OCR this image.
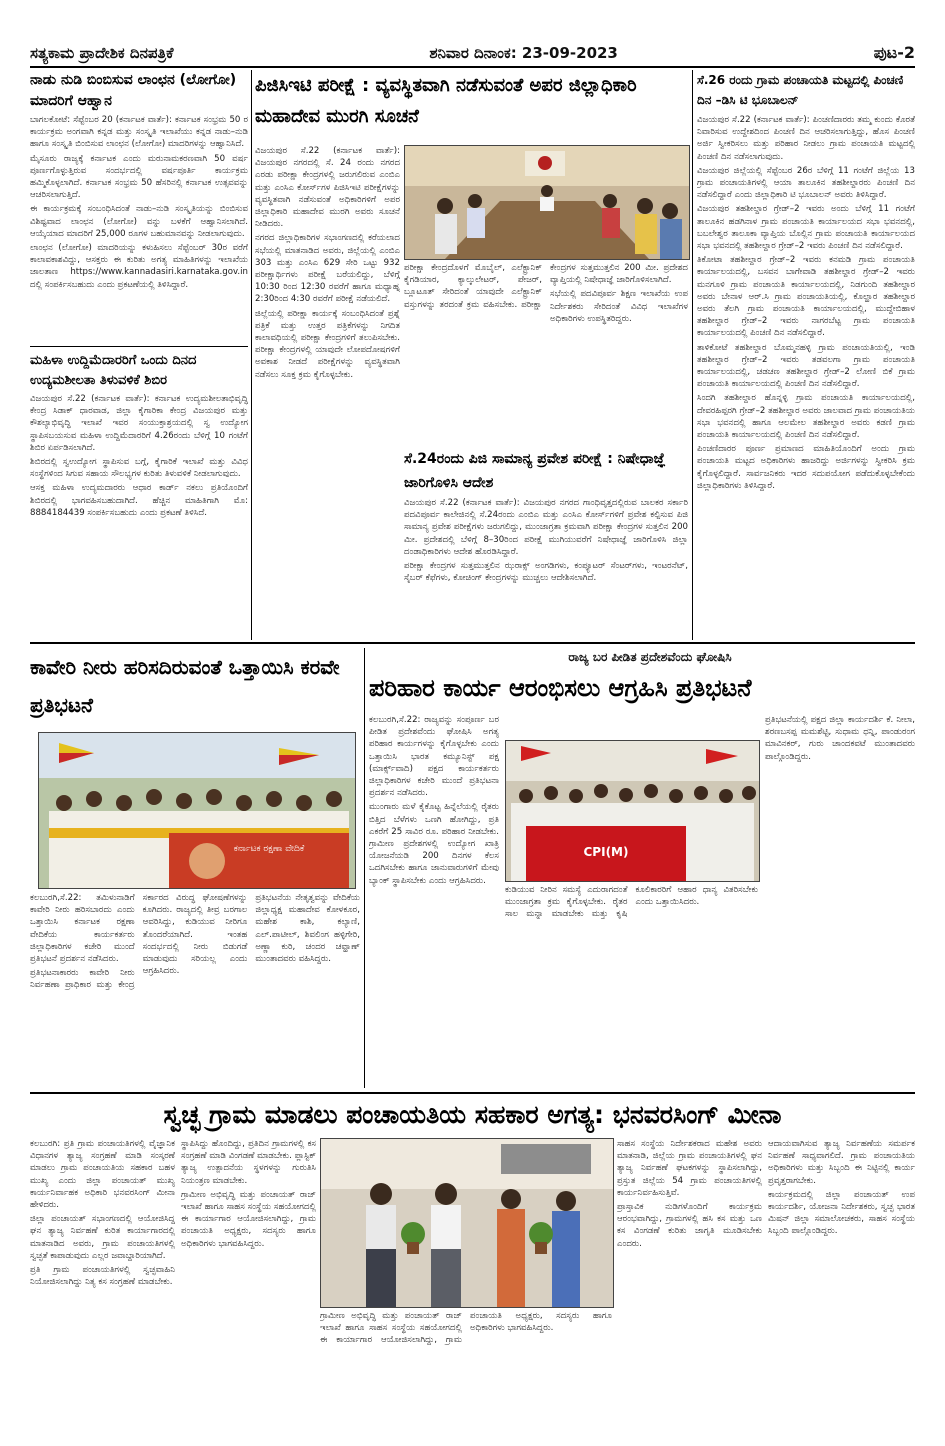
ಸತ್ಯಕಾಮ ಪ್ರಾದೇಶಿಕ ದಿನಪತ್ರಿಕೆ	ಶನಿವಾರ ದಿನಾಂಕ: 23-09-2023	ಪುಟ-2
ನಾಡು ನುಡಿ ಬಿಂಬಿಸುವ ಲಾಂಛನ (ಲೋಗೋ) ಮಾದರಿಗೆ ಆಹ್ವಾನ

ಬಾಗಲಕೋಟೆ: ಸೆಪ್ಟೆಂಬರ 20 (ಕರ್ನಾಟಕ ವಾರ್ತೆ): ಕರ್ನಾಟಕ ಸಂಭ್ರಮ 50 ರ ಕಾರ್ಯಕ್ರಮ ಅಂಗವಾಗಿ ಕನ್ನಡ ಮತ್ತು ಸಂಸ್ಕೃತಿ ಇಲಾಖೆಯು ಕನ್ನಡ ನಾಡು–ನುಡಿ ಹಾಗೂ ಸಂಸ್ಕೃತಿ ಬಿಂಬಿಸುವ ಲಾಂಛನ (ಲೋಗೋ) ಮಾದರಿಗಳನ್ನು ಆಹ್ವಾನಿಸಿದೆ.

ಮೈಸೂರು ರಾಜ್ಯಕ್ಕೆ ಕರ್ನಾಟಕ ಎಂದು ಮರುನಾಮಕರಣವಾಗಿ 50 ವರ್ಷ ಪೂರ್ಣಗೊಳ್ಳುತ್ತಿರುವ ಸಂದರ್ಭದಲ್ಲಿ ವರ್ಷಪೂರ್ತಿ ಕಾರ್ಯಕ್ರಮ ಹಮ್ಮಿಕೊಳ್ಳಲಾಗಿದೆ. ಕರ್ನಾಟಕ ಸಂಭ್ರಮ 50 ಹೆಸರಿನಲ್ಲಿ ಕರ್ನಾಟಕ ಉತ್ಸವವನ್ನು ಆಚರಿಸಲಾಗುತ್ತಿದೆ.

ಈ ಕಾರ್ಯಕ್ರಮಕ್ಕೆ ಸಂಬಂಧಿಸಿದಂತೆ ನಾಡು–ನುಡಿ ಸಂಸ್ಕೃತಿಯನ್ನು ಬಿಂಬಿಸುವ ವಿಶಿಷ್ಟವಾದ ಲಾಂಛನ (ಲೋಗೋ) ವನ್ನು ಬಳಕೆಗೆ ಆಹ್ವಾನಿಸಲಾಗಿದೆ. ಆಯ್ಕೆಯಾದ ಮಾದರಿಗೆ 25,000 ರೂಗಳ ಬಹುಮಾನವನ್ನು ನೀಡಲಾಗುವುದು.

ಲಾಂಛನ (ಲೋಗೋ) ಮಾದರಿಯನ್ನು ಕಳುಹಿಸಲು ಸೆಪ್ಟೆಂಬರ್ 30ರ ವರೆಗೆ ಕಾಲಾವಕಾಶವಿದ್ದು, ಆಸಕ್ತರು ಈ ಕುರಿತು ಅಗತ್ಯ ಮಾಹಿತಿಗಳನ್ನು ಇಲಾಖೆಯ ಜಾಲತಾಣ https://www.kannadasiri.karnataka.gov.in ದಲ್ಲಿ ಸಂಪರ್ಕಿಸಬಹುದು ಎಂದು ಪ್ರಕಟಣೆಯಲ್ಲಿ ತಿಳಿಸಿದ್ದಾರೆ.

ಮಹಿಳಾ ಉದ್ದಿಮೆದಾರರಿಗೆ ಒಂದು ದಿನದ ಉದ್ಯಮಶೀಲತಾ ತಿಳುವಳಿಕೆ ಶಿಬಿರ

ವಿಜಯಪುರ ಸೆ.22 (ಕರ್ನಾಟಕ ವಾರ್ತೆ): ಕರ್ನಾಟಕ ಉದ್ಯಮಶೀಲತಾಭಿವೃದ್ಧಿ ಕೇಂದ್ರ ಸಿಡಾಕ್ ಧಾರವಾಡ, ಜಿಲ್ಲಾ ಕೈಗಾರಿಕಾ ಕೇಂದ್ರ ವಿಜಯಪುರ ಮತ್ತು ಕೌಶಲ್ಯಾಭಿವೃದ್ಧಿ ಇಲಾಖೆ ಇವರ ಸಂಯುಕ್ತಾಶ್ರಯದಲ್ಲಿ ಸ್ವ ಉದ್ಯೋಗ ಸ್ಥಾಪಿಸಬಯಸುವ ಮಹಿಳಾ ಉದ್ದಿಮೆದಾರರಿಗೆ 4.26ರಂದು ಬೆಳಿಗ್ಗೆ 10 ಗಂಟೆಗೆ ಶಿಬಿರ ಏರ್ಪಡಿಸಲಾಗಿದೆ.

ಶಿಬಿರದಲ್ಲಿ ಸ್ವಉದ್ಯೋಗ ಸ್ಥಾಪಿಸುವ ಬಗ್ಗೆ, ಕೈಗಾರಿಕೆ ಇಲಾಖೆ ಮತ್ತು ವಿವಿಧ ಸಂಸ್ಥೆಗಳಿಂದ ಸಿಗುವ ಸಹಾಯ ಸೌಲಭ್ಯಗಳ ಕುರಿತು ತಿಳುವಳಿಕೆ ನೀಡಲಾಗುವುದು.

ಆಸಕ್ತ ಮಹಿಳಾ ಉದ್ಯಮದಾರರು ಆಧಾರ ಕಾರ್ಡ್ ನಕಲು ಪ್ರತಿಯೊಂದಿಗೆ ಶಿಬಿರದಲ್ಲಿ ಭಾಗವಹಿಸಬಹುದಾಗಿದೆ. ಹೆಚ್ಚಿನ ಮಾಹಿತಿಗಾಗಿ ಮೊ: 8884184439 ಸಂಪರ್ಕಿಸಬಹುದು ಎಂದು ಪ್ರಕಟಣೆ ತಿಳಿಸಿದೆ.

ಪಿಜಿಸಿಇಟಿ ಪರೀಕ್ಷೆ : ವ್ಯವಸ್ಥಿತವಾಗಿ ನಡೆಸುವಂತೆ ಅಪರ ಜಿಲ್ಲಾಧಿಕಾರಿ ಮಹಾದೇವ ಮುರಗಿ ಸೂಚನೆ

ವಿಜಯಪುರ ಸೆ.22 (ಕರ್ನಾಟಕ ವಾರ್ತೆ): ವಿಜಯಪುರ ನಗರದಲ್ಲಿ ಸೆ. 24 ರಂದು ನಗರದ ಎರಡು ಪರೀಕ್ಷಾ ಕೇಂದ್ರಗಳಲ್ಲಿ ಜರುಗಲಿರುವ ಎಂಬಿಎ ಮತ್ತು ಎಂಸಿಎ ಕೋರ್ಸ್‌ಗಳ ಪಿಜಿಸಿಇಟಿ ಪರೀಕ್ಷೆಗಳನ್ನು ವ್ಯವಸ್ಥಿತವಾಗಿ ನಡೆಸುವಂತೆ ಅಧಿಕಾರಿಗಳಿಗೆ ಅಪರ ಜಿಲ್ಲಾಧಿಕಾರಿ ಮಹಾದೇವ ಮುರಗಿ ಅವರು ಸೂಚನೆ ನೀಡಿದರು.

ನಗರದ ಜಿಲ್ಲಾಧಿಕಾರಿಗಳ ಸಭಾಂಗಣದಲ್ಲಿ ಕರೆಯಲಾದ ಸಭೆಯಲ್ಲಿ ಮಾತನಾಡಿದ ಅವರು, ಜಿಲ್ಲೆಯಲ್ಲಿ ಎಂಬಿಎ 303 ಮತ್ತು ಎಂಸಿಎ 629 ಸೇರಿ ಒಟ್ಟು 932 ಪರೀಕ್ಷಾರ್ಥಿಗಳು ಪರೀಕ್ಷೆ ಬರೆಯಲಿದ್ದು, ಬೆಳಿಗ್ಗೆ 10:30 ರಿಂದ 12:30 ರವರೆಗೆ ಹಾಗೂ ಮಧ್ಯಾಹ್ನ 2:30ರಿಂದ 4:30 ರವರೆಗೆ ಪರೀಕ್ಷೆ ನಡೆಯಲಿದೆ.

ಜಿಲ್ಲೆಯಲ್ಲಿ ಪರೀಕ್ಷಾ ಕಾರ್ಯಕ್ಕೆ ಸಂಬಂಧಿಸಿದಂತೆ ಪ್ರಶ್ನೆ ಪತ್ರಿಕೆ ಮತ್ತು ಉತ್ತರ ಪತ್ರಿಕೆಗಳನ್ನು ನಿಗದಿತ ಕಾಲಾವಧಿಯಲ್ಲಿ ಪರೀಕ್ಷಾ ಕೇಂದ್ರಗಳಿಗೆ ತಲುಪಿಸಬೇಕು. ಪರೀಕ್ಷಾ ಕೇಂದ್ರಗಳಲ್ಲಿ ಯಾವುದೇ ಲೋಪದೋಷಗಳಿಗೆ ಅವಕಾಶ ನೀಡದೆ ಪರೀಕ್ಷೆಗಳನ್ನು ವ್ಯವಸ್ಥಿತವಾಗಿ ನಡೆಸಲು ಸೂಕ್ತ ಕ್ರಮ ಕೈಗೊಳ್ಳಬೇಕು.

ಪರೀಕ್ಷಾ ಕೇಂದ್ರದೊಳಗೆ ಮೊಬೈಲ್, ಎಲೆಕ್ಟ್ರಾನಿಕ್ ಕೈಗಡಿಯಾರ, ಕ್ಯಾಲ್ಕುಲೇಟರ್, ಪೇಜರ್, ಬ್ಲೂಟೂತ್ ಸೇರಿದಂತೆ ಯಾವುದೇ ಎಲೆಕ್ಟ್ರಾನಿಕ್ ವಸ್ತುಗಳನ್ನು ತರದಂತೆ ಕ್ರಮ ವಹಿಸಬೇಕು. ಪರೀಕ್ಷಾ ಕೇಂದ್ರಗಳ ಸುತ್ತಮುತ್ತಲಿನ 200 ಮೀ. ಪ್ರದೇಶದ ವ್ಯಾಪ್ತಿಯಲ್ಲಿ ನಿಷೇಧಾಜ್ಞೆ ಜಾರಿಗೊಳಿಸಲಾಗಿದೆ.

ಸಭೆಯಲ್ಲಿ ಪದವಿಪೂರ್ವ ಶಿಕ್ಷಣ ಇಲಾಖೆಯ ಉಪ ನಿರ್ದೇಶಕರು ಸೇರಿದಂತೆ ವಿವಿಧ ಇಲಾಖೆಗಳ ಅಧಿಕಾರಿಗಳು ಉಪಸ್ಥಿತರಿದ್ದರು.

ಸೆ.24ರಂದು ಪಿಜಿ ಸಾಮಾನ್ಯ ಪ್ರವೇಶ ಪರೀಕ್ಷೆ : ನಿಷೇಧಾಜ್ಞೆ ಜಾರಿಗೊಳಿಸಿ ಆದೇಶ

ವಿಜಯಪುರ ಸೆ.22 (ಕರ್ನಾಟಕ ವಾರ್ತೆ): ವಿಜಯಪುರ ನಗರದ ಗಾಂಧಿವೃತ್ತದಲ್ಲಿರುವ ಬಾಲಕರ ಸರ್ಕಾರಿ ಪದವಿಪೂರ್ವ ಕಾಲೇಜಿನಲ್ಲಿ ಸೆ.24ರಂದು ಎಂಬಿಎ ಮತ್ತು ಎಂಸಿಎ ಕೋರ್ಸ್‌ಗಳಿಗೆ ಪ್ರವೇಶ ಕಲ್ಪಿಸುವ ಪಿಜಿ ಸಾಮಾನ್ಯ ಪ್ರವೇಶ ಪರೀಕ್ಷೆಗಳು ಜರುಗಲಿದ್ದು, ಮುಂಜಾಗ್ರತಾ ಕ್ರಮವಾಗಿ ಪರೀಕ್ಷಾ ಕೇಂದ್ರಗಳ ಸುತ್ತಲಿನ 200 ಮೀ. ಪ್ರದೇಶದಲ್ಲಿ ಬೆಳಿಗ್ಗೆ 8–30ರಿಂದ ಪರೀಕ್ಷೆ ಮುಗಿಯುವರೆಗೆ ನಿಷೇಧಾಜ್ಞೆ ಜಾರಿಗೊಳಿಸಿ ಜಿಲ್ಲಾ ದಂಡಾಧಿಕಾರಿಗಳು ಆದೇಶ ಹೊರಡಿಸಿದ್ದಾರೆ.

ಪರೀಕ್ಷಾ ಕೇಂದ್ರಗಳ ಸುತ್ತಮುತ್ತಲಿನ ಝರಾಕ್ಸ್ ಅಂಗಡಿಗಳು, ಕಂಪ್ಯೂಟರ್ ಸೆಂಟರ್‌ಗಳು, ಇಂಟರನೆಟ್, ಸೈಬರ್ ಕೆಫೆಗಳು, ಕೋಚಿಂಗ್ ಕೇಂದ್ರಗಳನ್ನು ಮುಚ್ಚಲು ಆದೇಶಿಸಲಾಗಿದೆ.

ಸೆ.26 ರಂದು ಗ್ರಾಮ ಪಂಚಾಯತಿ ಮಟ್ಟದಲ್ಲಿ ಪಿಂಚಣಿ ದಿನ –ಡಿಸಿ ಟಿ ಭೂಬಾಲನ್

ವಿಜಯಪುರ ಸೆ.22 (ಕರ್ನಾಟಕ ವಾರ್ತೆ): ಪಿಂಚಣಿದಾರರು ತಮ್ಮ ಕುಂದು ಕೊರತೆ ನಿವಾರಿಸುವ ಉದ್ದೇಶದಿಂದ ಪಿಂಚಣಿ ದಿನ ಆಚರಿಸಲಾಗುತ್ತಿದ್ದು, ಹೊಸ ಪಿಂಚಣಿ ಅರ್ಜಿ ಸ್ವೀಕರಿಸಲು ಮತ್ತು ಪರಿಹಾರ ನೀಡಲು ಗ್ರಾಮ ಪಂಚಾಯತಿ ಮಟ್ಟದಲ್ಲಿ ಪಿಂಚಣಿ ದಿನ ನಡೆಸಲಾಗುವುದು.

ವಿಜಯಪುರ ಜಿಲ್ಲೆಯಲ್ಲಿ ಸೆಪ್ಟೆಂಬರ 26ರ ಬೆಳಿಗ್ಗೆ 11 ಗಂಟೆಗೆ ಜಿಲ್ಲೆಯ 13 ಗ್ರಾಮ ಪಂಚಾಯತಿಗಳಲ್ಲಿ ಆಯಾ ತಾಲೂಕಿನ ತಹಶೀಲ್ದಾರರು ಪಿಂಚಣಿ ದಿನ ನಡೆಸಲಿದ್ದಾರೆ ಎಂದು ಜಿಲ್ಲಾಧಿಕಾರಿ ಟಿ ಭೂಬಾಲನ್ ಅವರು ತಿಳಿಸಿದ್ದಾರೆ.

ವಿಜಯಪುರ ತಹಶೀಲ್ದಾರ ಗ್ರೇಡ್–2 ಇವರು ಅಂದು ಬೆಳಿಗ್ಗೆ 11 ಗಂಟೆಗೆ ತಾಲೂಕಿನ ಹಡಗಿನಾಳ ಗ್ರಾಮ ಪಂಚಾಯತಿ ಕಾರ್ಯಾಲಯದ ಸಭಾ ಭವನದಲ್ಲಿ, ಬಬಲೇಶ್ವರ ತಾಲೂಕಾ ವ್ಯಾಪ್ತಿಯ ಬೊಲ್ಲಿನ ಗ್ರಾಮ ಪಂಚಾಯತಿ ಕಾರ್ಯಾಲಯದ ಸಭಾ ಭವನದಲ್ಲಿ ತಹಶೀಲ್ದಾರ ಗ್ರೇಡ್–2 ಇವರು ಪಿಂಚಣಿ ದಿನ ನಡೆಸಲಿದ್ದಾರೆ.

ತಿಕೋಟಾ ತಹಶೀಲ್ದಾರ ಗ್ರೇಡ್–2 ಇವರು ಕನಮಡಿ ಗ್ರಾಮ ಪಂಚಾಯತಿ ಕಾರ್ಯಾಲಯದಲ್ಲಿ, ಬಸವನ ಬಾಗೇವಾಡಿ ತಹಶೀಲ್ದಾರ ಗ್ರೇಡ್–2 ಇವರು ಮನಗೂಳಿ ಗ್ರಾಮ ಪಂಚಾಯತಿ ಕಾರ್ಯಾಲಯದಲ್ಲಿ, ನಿಡಗುಂದಿ ತಹಶೀಲ್ದಾರ ಅವರು ಬೇನಾಳ ಆರ್.ಸಿ ಗ್ರಾಮ ಪಂಚಾಯತಿಯಲ್ಲಿ, ಕೊಲ್ಹಾರ ತಹಶೀಲ್ದಾರ ಅವರು ತೆಲಗಿ ಗ್ರಾಮ ಪಂಚಾಯತಿ ಕಾರ್ಯಾಲಯದಲ್ಲಿ, ಮುದ್ದೇಬಿಹಾಳ ತಹಶೀಲ್ದಾರ ಗ್ರೇಡ್–2 ಇವರು ನಾಗರಬೆಟ್ಟ ಗ್ರಾಮ ಪಂಚಾಯತಿ ಕಾರ್ಯಾಲಯದಲ್ಲಿ ಪಿಂಚಣಿ ದಿನ ನಡೆಸಲಿದ್ದಾರೆ.

ತಾಳಿಕೋಟೆ ತಹಶೀಲ್ದಾರ ಬೊಮ್ಮನಹಳ್ಳಿ ಗ್ರಾಮ ಪಂಚಾಯತಿಯಲ್ಲಿ, ಇಂಡಿ ತಹಶೀಲ್ದಾರ ಗ್ರೇಡ್–2 ಇವರು ತಡವಲಗಾ ಗ್ರಾಮ ಪಂಚಾಯತಿ ಕಾರ್ಯಾಲಯದಲ್ಲಿ, ಚಡಚಣ ತಹಶೀಲ್ದಾರ ಗ್ರೇಡ್–2 ಲೋಣಿ ಬಿಕೆ ಗ್ರಾಮ ಪಂಚಾಯತಿ ಕಾರ್ಯಾಲಯದಲ್ಲಿ ಪಿಂಚಣಿ ದಿನ ನಡೆಸಲಿದ್ದಾರೆ.

ಸಿಂದಗಿ ತಹಶೀಲ್ದಾರ ಹೊನ್ನಳ್ಳಿ ಗ್ರಾಮ ಪಂಚಾಯತಿ ಕಾರ್ಯಾಲಯದಲ್ಲಿ, ದೇವರಹಿಪ್ಪರಗಿ ಗ್ರೇಡ್–2 ತಹಶೀಲ್ದಾರ ಅವರು ಜಾಲವಾದ ಗ್ರಾಮ ಪಂಚಾಯತಿಯ ಸಭಾ ಭವನದಲ್ಲಿ ಹಾಗೂ ಆಲಮೇಲ ತಹಶೀಲ್ದಾರ ಅವರು ಕಡಣಿ ಗ್ರಾಮ ಪಂಚಾಯತಿ ಕಾರ್ಯಾಲಯದಲ್ಲಿ ಪಿಂಚಣಿ ದಿನ ನಡೆಸಲಿದ್ದಾರೆ.

ಪಿಂಚಣಿದಾರರ ಪೂರ್ಣ ಪ್ರಮಾಣದ ಮಾಹಿತಿಯೊಂದಿಗೆ ಅಂದು ಗ್ರಾಮ ಪಂಚಾಯತಿ ಮಟ್ಟದ ಅಧಿಕಾರಿಗಳು ಹಾಜರಿದ್ದು ಅರ್ಜಿಗಳನ್ನು ಸ್ವೀಕರಿಸಿ ಕ್ರಮ ಕೈಗೊಳ್ಳಲಿದ್ದಾರೆ. ಸಾರ್ವಜನಿಕರು ಇದರ ಸದುಪಯೋಗ ಪಡೆದುಕೊಳ್ಳಬೇಕೆಂದು ಜಿಲ್ಲಾಧಿಕಾರಿಗಳು ತಿಳಿಸಿದ್ದಾರೆ.

ಕಾವೇರಿ ನೀರು ಹರಿಸದಿರುವಂತೆ ಒತ್ತಾಯಿಸಿ ಕರವೇ ಪ್ರತಿಭಟನೆ
ಕರ್ನಾಟಕ ರಕ್ಷಣಾ ವೇದಿಕೆ

ಕಲಬುರಗಿ,ಸೆ.22: ತಮಿಳುನಾಡಿಗೆ ಕಾವೇರಿ ನೀರು ಹರಿಸಬಾರದು ಎಂದು ಒತ್ತಾಯಿಸಿ ಕರ್ನಾಟಕ ರಕ್ಷಣಾ ವೇದಿಕೆಯ ಕಾರ್ಯಕರ್ತರು ಜಿಲ್ಲಾಧಿಕಾರಿಗಳ ಕಚೇರಿ ಮುಂದೆ ಪ್ರತಿಭಟನೆ ಪ್ರದರ್ಶನ ನಡೆಸಿದರು.

ಪ್ರತಿಭಟನಾಕಾರರು ಕಾವೇರಿ ನೀರು ನಿರ್ವಹಣಾ ಪ್ರಾಧಿಕಾರ ಮತ್ತು ಕೇಂದ್ರ ಸರ್ಕಾರದ ವಿರುದ್ಧ ಘೋಷಣೆಗಳನ್ನು ಕೂಗಿದರು. ರಾಜ್ಯದಲ್ಲಿ ತೀವ್ರ ಬರಗಾಲ ಆವರಿಸಿದ್ದು, ಕುಡಿಯುವ ನೀರಿಗೂ ತೊಂದರೆಯಾಗಿದೆ. ಇಂತಹ ಸಂದರ್ಭದಲ್ಲಿ ನೀರು ಬಿಡುಗಡೆ ಮಾಡುವುದು ಸರಿಯಲ್ಲ ಎಂದು ಆಗ್ರಹಿಸಿದರು.

ಪ್ರತಿಭಟನೆಯ ನೇತೃತ್ವವನ್ನು ವೇದಿಕೆಯ ಜಿಲ್ಲಾಧ್ಯಕ್ಷ ಮಹಾದೇವ ಕೋಳಕೂರ, ಮಹೇಶ ಕಾಶಿ, ಕಲ್ಯಾಣಿ, ಎಲ್.ಪಾಟೀಲ್, ಶಿವಲಿಂಗ ಹಳ್ಳಿಗೇರಿ, ಅಣ್ಣಾ ಕುರಿ, ಚಂದರ ಚವ್ಹಾಣ್ ಮುಂತಾದವರು ವಹಿಸಿದ್ದರು.

ರಾಜ್ಯ ಬರ ಪೀಡಿತ ಪ್ರದೇಶವೆಂದು ಘೋಷಿಸಿ
ಪರಿಹಾರ ಕಾರ್ಯ ಆರಂಭಿಸಲು ಆಗ್ರಹಿಸಿ ಪ್ರತಿಭಟನೆ

ಕಲಬುರಗಿ,ಸೆ.22: ರಾಜ್ಯವನ್ನು ಸಂಪೂರ್ಣ ಬರ ಪೀಡಿತ ಪ್ರದೇಶವೆಂದು ಘೋಷಿಸಿ ಅಗತ್ಯ ಪರಿಹಾರ ಕಾರ್ಯಗಳನ್ನು ಕೈಗೊಳ್ಳಬೇಕು ಎಂದು ಒತ್ತಾಯಿಸಿ ಭಾರತ ಕಮ್ಯೂನಿಸ್ಟ್ ಪಕ್ಷ (ಮಾರ್ಕ್ಸ್‌ವಾದಿ) ಪಕ್ಷದ ಕಾರ್ಯಕರ್ತರು ಜಿಲ್ಲಾಧಿಕಾರಿಗಳ ಕಚೇರಿ ಮುಂದೆ ಪ್ರತಿಭಟನಾ ಪ್ರದರ್ಶನ ನಡೆಸಿದರು.

ಮುಂಗಾರು ಮಳೆ ಕೈಕೊಟ್ಟ ಹಿನ್ನೆಲೆಯಲ್ಲಿ ರೈತರು ಬಿತ್ತಿದ ಬೆಳೆಗಳು ಒಣಗಿ ಹೋಗಿದ್ದು, ಪ್ರತಿ ಎಕರೆಗೆ 25 ಸಾವಿರ ರೂ. ಪರಿಹಾರ ನೀಡಬೇಕು. ಗ್ರಾಮೀಣ ಪ್ರದೇಶಗಳಲ್ಲಿ ಉದ್ಯೋಗ ಖಾತ್ರಿ ಯೋಜನೆಯಡಿ 200 ದಿನಗಳ ಕೆಲಸ ಒದಗಿಸಬೇಕು ಹಾಗೂ ಜಾನುವಾರುಗಳಿಗೆ ಮೇವು ಬ್ಯಾಂಕ್ ಸ್ಥಾಪಿಸಬೇಕು ಎಂದು ಆಗ್ರಹಿಸಿದರು.

CPI(M)

ಕುಡಿಯುವ ನೀರಿನ ಸಮಸ್ಯೆ ಎದುರಾಗದಂತೆ ಮುಂಜಾಗ್ರತಾ ಕ್ರಮ ಕೈಗೊಳ್ಳಬೇಕು. ರೈತರ ಸಾಲ ಮನ್ನಾ ಮಾಡಬೇಕು ಮತ್ತು ಕೃಷಿ ಕೂಲಿಕಾರರಿಗೆ ಆಹಾರ ಧಾನ್ಯ ವಿತರಿಸಬೇಕು ಎಂದು ಒತ್ತಾಯಿಸಿದರು.

ಪ್ರತಿಭಟನೆಯಲ್ಲಿ ಪಕ್ಷದ ಜಿಲ್ಲಾ ಕಾರ್ಯದರ್ಶಿ ಕೆ. ನೀಲಾ, ಶರಣಬಸಪ್ಪ ಮಮಶೆಟ್ಟಿ, ಸುಧಾಮ ಧನ್ನಿ, ಪಾಂಡುರಂಗ ಮಾವಿನಕರ್, ಗುರು ಚಾಂದಕವಟೆ ಮುಂತಾದವರು ಪಾಲ್ಗೊಂಡಿದ್ದರು.

ಸ್ವಚ್ಛ ಗ್ರಾಮ ಮಾಡಲು ಪಂಚಾಯತಿಯ ಸಹಕಾರ ಅಗತ್ಯ: ಭನವರಸಿಂಗ್ ಮೀನಾ

ಕಲಬುರಗಿ: ಪ್ರತಿ ಗ್ರಾಮ ಪಂಚಾಯತಿಗಳಲ್ಲಿ ವೈಜ್ಞಾನಿಕ ವಿಧಾನಗಳ ತ್ಯಾಜ್ಯ ಸಂಗ್ರಹಣೆ ಮಾಡಿ ಸಂಸ್ಕರಣೆ ಮಾಡಲು ಗ್ರಾಮ ಪಂಚಾಯತಿಯ ಸಹಕಾರ ಬಹಳ ಮುಖ್ಯ ಎಂದು ಜಿಲ್ಲಾ ಪಂಚಾಯತ್ ಮುಖ್ಯ ಕಾರ್ಯನಿರ್ವಾಹಕ ಅಧಿಕಾರಿ ಭನವರಸಿಂಗ್ ಮೀನಾ ಹೇಳಿದರು.

ಜಿಲ್ಲಾ ಪಂಚಾಯತ್ ಸಭಾಂಗಣದಲ್ಲಿ ಆಯೋಜಿಸಿದ್ದ ಘನ ತ್ಯಾಜ್ಯ ನಿರ್ವಹಣೆ ಕುರಿತ ಕಾರ್ಯಾಗಾರದಲ್ಲಿ ಮಾತನಾಡಿದ ಅವರು, ಗ್ರಾಮ ಪಂಚಾಯತಿಗಳಲ್ಲಿ ಸ್ವಚ್ಛತೆ ಕಾಪಾಡುವುದು ಎಲ್ಲರ ಜವಾಬ್ದಾರಿಯಾಗಿದೆ.

ಪ್ರತಿ ಗ್ರಾಮ ಪಂಚಾಯತಿಗಳಲ್ಲಿ ಸ್ವಚ್ಛವಾಹಿನಿ ನಿಯೋಜಿಸಲಾಗಿದ್ದು ನಿತ್ಯ ಕಸ ಸಂಗ್ರಹಣೆ ಮಾಡಬೇಕು.

ಸ್ಥಾಪಿಸಿದ್ದು ಹೊಂದಿದ್ದು, ಪ್ರತಿದಿನ ಗ್ರಾಮಗಳಲ್ಲಿ ಕಸ ಸಂಗ್ರಹಣೆ ಮಾಡಿ ವಿಂಗಡಣೆ ಮಾಡಬೇಕು. ಪ್ಲಾಸ್ಟಿಕ್ ತ್ಯಾಜ್ಯ ಉತ್ಪಾದನೆಯ ಸ್ಥಳಗಳನ್ನು ಗುರುತಿಸಿ ನಿಯಂತ್ರಣ ಮಾಡಬೇಕು.

ಗ್ರಾಮೀಣ ಅಭಿವೃದ್ಧಿ ಮತ್ತು ಪಂಚಾಯತ್ ರಾಜ್ ಇಲಾಖೆ ಹಾಗೂ ಸಾಹಸ ಸಂಸ್ಥೆಯ ಸಹಯೋಗದಲ್ಲಿ ಈ ಕಾರ್ಯಾಗಾರ ಆಯೋಜಿಸಲಾಗಿದ್ದು, ಗ್ರಾಮ ಪಂಚಾಯತಿ ಅಧ್ಯಕ್ಷರು, ಸದಸ್ಯರು ಹಾಗೂ ಅಧಿಕಾರಿಗಳು ಭಾಗವಹಿಸಿದ್ದರು.

ಗ್ರಾಮೀಣ ಅಭಿವೃದ್ಧಿ ಮತ್ತು ಪಂಚಾಯತ್ ರಾಜ್ ಇಲಾಖೆ ಹಾಗೂ ಸಾಹಸ ಸಂಸ್ಥೆಯ ಸಹಯೋಗದಲ್ಲಿ ಈ ಕಾರ್ಯಾಗಾರ ಆಯೋಜಿಸಲಾಗಿದ್ದು, ಗ್ರಾಮ ಪಂಚಾಯತಿ ಅಧ್ಯಕ್ಷರು, ಸದಸ್ಯರು ಹಾಗೂ ಅಧಿಕಾರಿಗಳು ಭಾಗವಹಿಸಿದ್ದರು.

ಸಾಹಸ ಸಂಸ್ಥೆಯ ನಿರ್ದೇಶಕರಾದ ಮಹೇಶ ಅವರು ಮಾತನಾಡಿ, ಜಿಲ್ಲೆಯ ಗ್ರಾಮ ಪಂಚಾಯತಿಗಳಲ್ಲಿ ಘನ ತ್ಯಾಜ್ಯ ನಿರ್ವಹಣೆ ಘಟಕಗಳನ್ನು ಸ್ಥಾಪಿಸಲಾಗಿದ್ದು, ಪ್ರಸ್ತುತ ಜಿಲ್ಲೆಯ 54 ಗ್ರಾಮ ಪಂಚಾಯತಿಗಳಲ್ಲಿ ಕಾರ್ಯನಿರ್ವಹಿಸುತ್ತಿವೆ.

ಪ್ರಾಸ್ತಾವಿಕ ನುಡಿಗಳೊಂದಿಗೆ ಕಾರ್ಯಕ್ರಮ ಆರಂಭವಾಗಿದ್ದು, ಗ್ರಾಮಗಳಲ್ಲಿ ಹಸಿ ಕಸ ಮತ್ತು ಒಣ ಕಸ ವಿಂಗಡಣೆ ಕುರಿತು ಜಾಗೃತಿ ಮೂಡಿಸಬೇಕು ಎಂದರು.

ಆದಾಯವಾಗಿಸುವ ತ್ಯಾಜ್ಯ ನಿರ್ವಹಣೆಯ ಸಮರ್ಪಕ ನಿರ್ವಹಣೆ ಸಾಧ್ಯವಾಗಲಿದೆ. ಗ್ರಾಮ ಪಂಚಾಯತಿಯ ಅಧಿಕಾರಿಗಳು ಮತ್ತು ಸಿಬ್ಬಂದಿ ಈ ನಿಟ್ಟಿನಲ್ಲಿ ಕಾರ್ಯ ಪ್ರವೃತ್ತರಾಗಬೇಕು.

ಕಾರ್ಯಕ್ರಮದಲ್ಲಿ ಜಿಲ್ಲಾ ಪಂಚಾಯತ್ ಉಪ ಕಾರ್ಯದರ್ಶಿ, ಯೋಜನಾ ನಿರ್ದೇಶಕರು, ಸ್ವಚ್ಛ ಭಾರತ ಮಿಷನ್ ಜಿಲ್ಲಾ ಸಮಾಲೋಚಕರು, ಸಾಹಸ ಸಂಸ್ಥೆಯ ಸಿಬ್ಬಂದಿ ಪಾಲ್ಗೊಂಡಿದ್ದರು.
